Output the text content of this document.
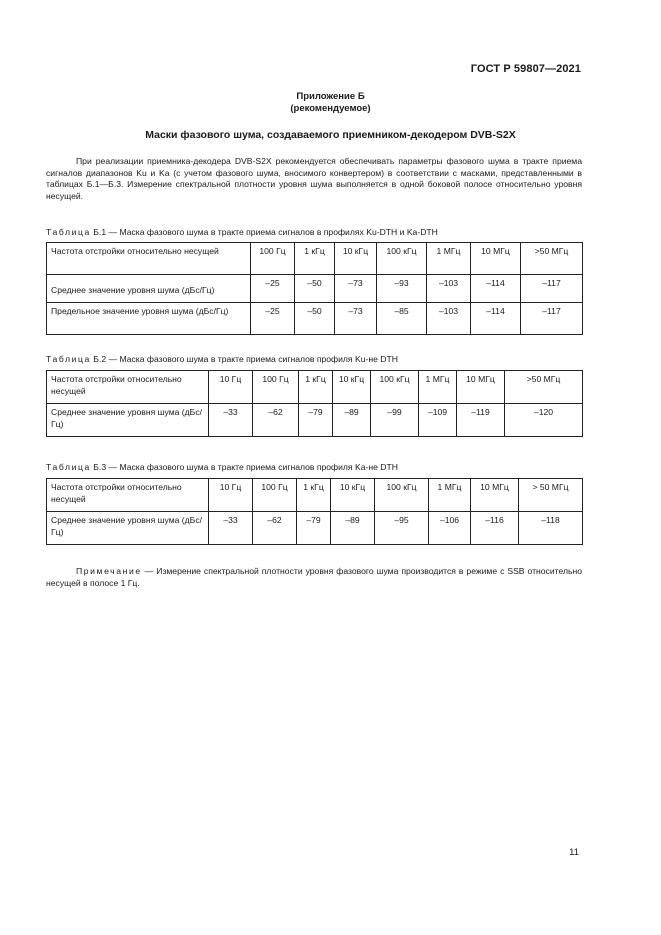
ГОСТ Р 59807—2021
Приложение Б
(рекомендуемое)
Маски фазового шума, создаваемого приемником-декодером DVB-S2X
При реализации приемника-декодера DVB-S2X рекомендуется обеспечивать параметры фазового шума в тракте приема сигналов диапазонов Ku и Ka (с учетом фазового шума, вносимого конвертером) в соответствии с масками, представленными в таблицах Б.1—Б.3. Измерение спектральной плотности уровня шума выполняется в одной боковой полосе относительно уровня несущей.
Таблица Б.1 — Маска фазового шума в тракте приема сигналов в профилях Ku-DTH и Ka-DTH
Частота отстройки относительно несущей	100 Гц	1 кГц	10 кГц	100 кГц	1 МГц	10 МГц	>50 МГц
Среднее значение уровня шума (дБс/Гц)	–25	–50	–73	–93	–103	–114	–117
Предельное значение уровня шума (дБс/Гц)	–25	–50	–73	–85	–103	–114	–117
Таблица Б.2 — Маска фазового шума в тракте приема сигналов профиля Ku-не DTH
Частота отстройки относительно несущей	10 Гц	100 Гц	1 кГц	10 кГц	100 кГц	1 МГц	10 МГц	>50 МГц
Среднее значение уровня шума (дБс/Гц)	–33	–62	–79	–89	–99	–109	–119	–120
Таблица Б.3 — Маска фазового шума в тракте приема сигналов профиля Ka-не DTH
Частота отстройки относительно несущей	10 Гц	100 Гц	1 кГц	10 кГц	100 кГц	1 МГц	10 МГц	> 50 МГц
Среднее значение уровня шума (дБс/Гц)	–33	–62	–79	–89	–95	–106	–116	–118
Примечание — Измерение спектральной плотности уровня фазового шума производится в режиме с SSB относительно несущей в полосе 1 Гц.
11
